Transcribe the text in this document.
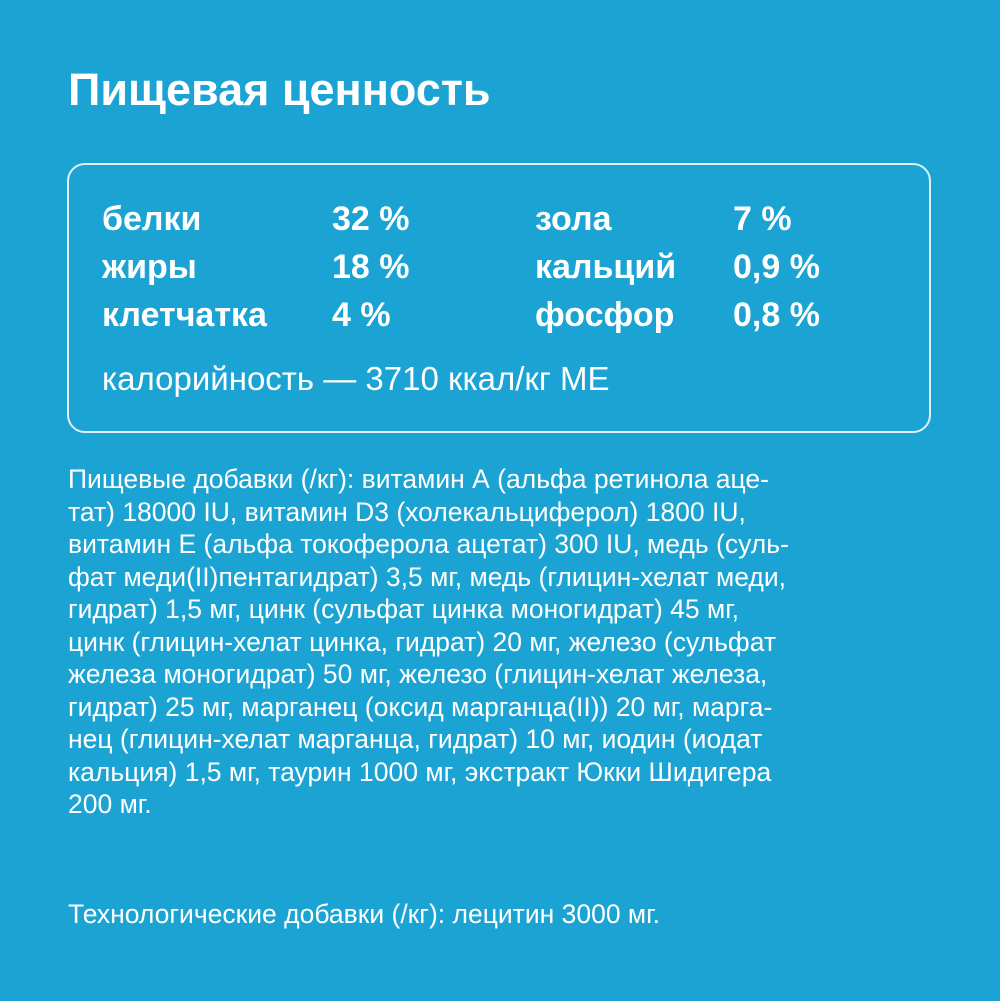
Пищевая ценность
белки	32 %	зола	7 %
жиры	18 %	кальций 0,9 %
клетчатка 4 %	фосфор 0,8 %
калорийность — 3710 ккал/кг МЕ

Пищевые добавки (/кг): витамин А (альфа ретинола аце-
тат) 18000 IU, витамин D3 (холекальциферол) 1800 IU,
витамин Е (альфа токоферола ацетат) 300 IU, медь (суль-
фат меди(II)пентагидрат) 3,5 мг, медь (глицин-хелат меди,
гидрат) 1,5 мг, цинк (сульфат цинка моногидрат) 45 мг,
цинк (глицин-хелат цинка, гидрат) 20 мг, железо (сульфат
железа моногидрат) 50 мг, железо (глицин-хелат железа,
гидрат) 25 мг, марганец (оксид марганца(II)) 20 мг, марга-
нец (глицин-хелат марганца, гидрат) 10 мг, иодин (иодат
кальция) 1,5 мг, таурин 1000 мг, экстракт Юкки Шидигера
200 мг.

Технологические добавки (/кг): лецитин 3000 мг.
